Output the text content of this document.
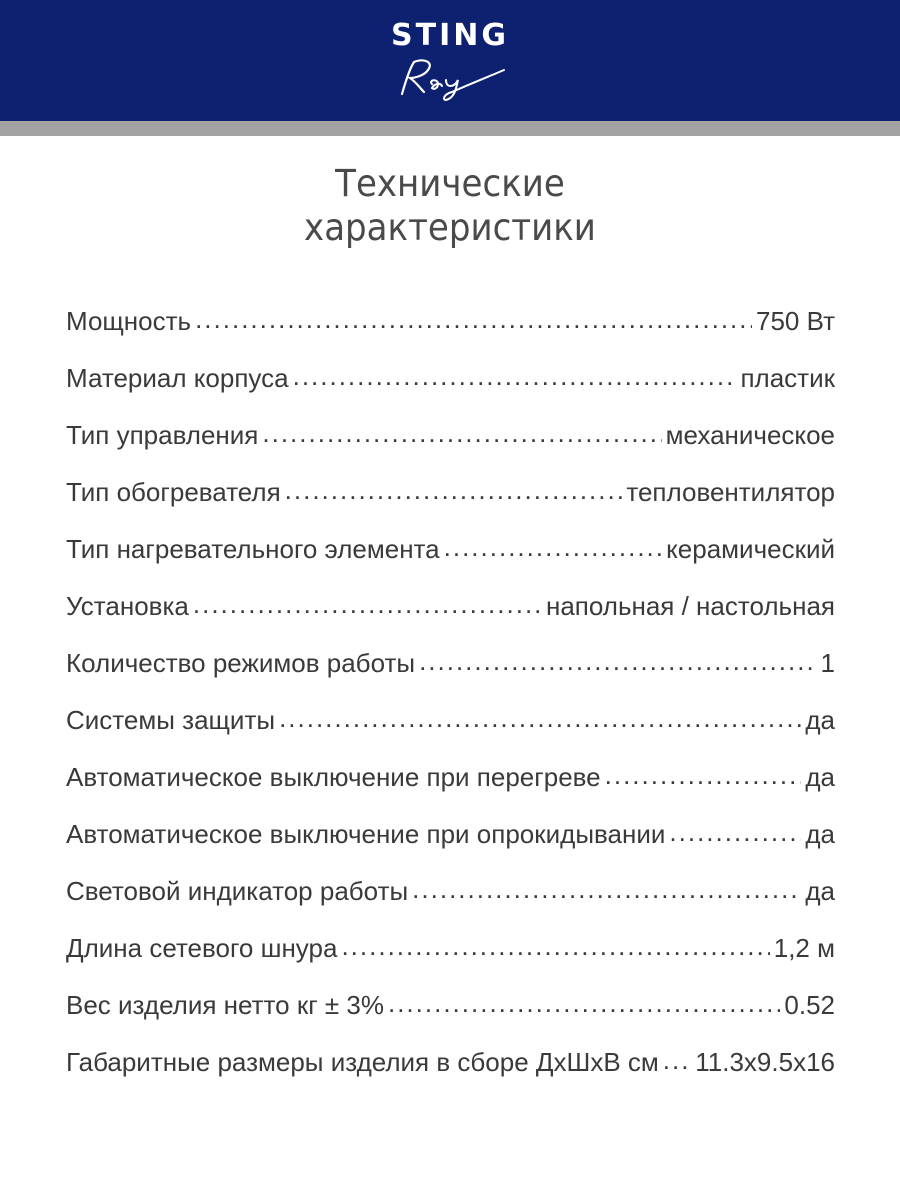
STING
Технические
характеристики
Мощность .....	750 Вт
Материал корпуса .....	пластик
Тип управления .....	механическое
Тип обогревателя .....	тепловентилятор
Тип нагревательного элемента .....	керамический
Установка .....	напольная / настольная
Количество режимов работы .....	1
Системы защиты .....	да
Автоматическое выключение при перегреве .....	да
Автоматическое выключение при опрокидывании .....	да
Световой индикатор работы .....	да
Длина сетевого шнура .....	1,2 м
Вес изделия нетто кг ± 3% .....	0.52
Габаритные размеры изделия в сборе ДхШхВ см ..... 11.3x9.5x16
